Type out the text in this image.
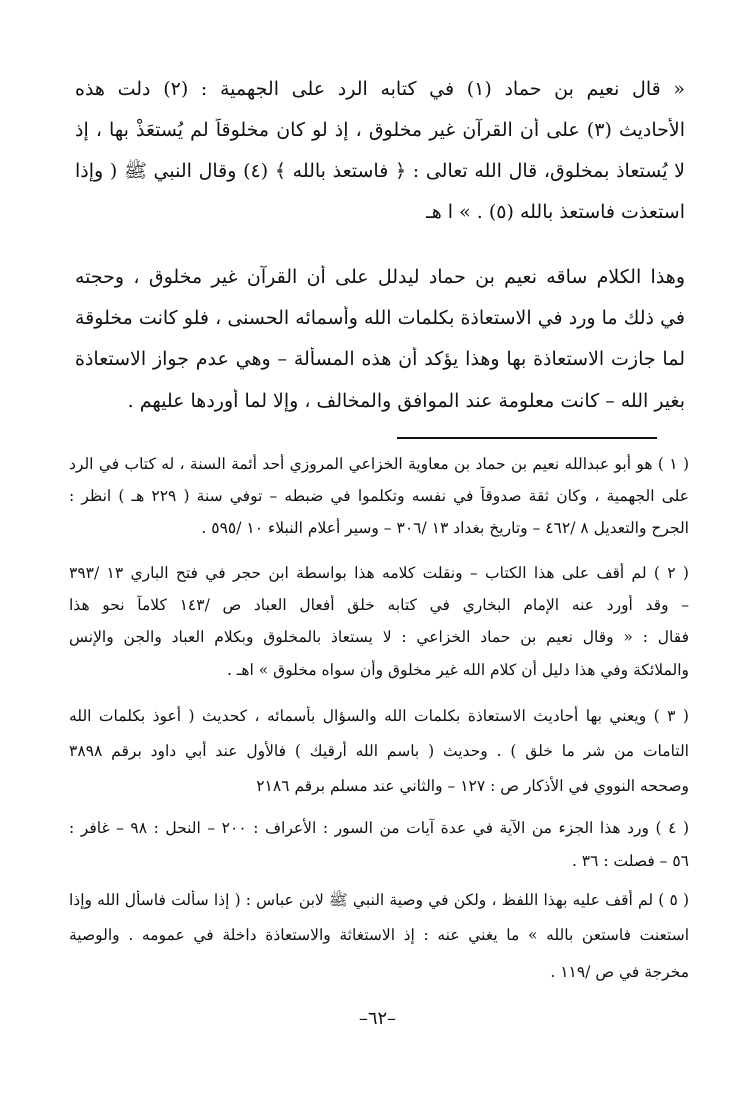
« قال نعيم بن حماد (١) في كتابه الرد على الجهمية : (٢) دلت هذه
الأحاديث (٣) على أن القرآن غير مخلوق ، إذ لو كان مخلوقاً لم يُستعَذْ بها ، إذ
لا يُستعاذ بمخلوق، قال الله تعالى : ﴿ فاستعذ بالله ﴾ (٤) وقال النبي ﷺ ( وإذا
استعذت فاستعذ بالله (٥) . » ا هـ
وهذا الكلام ساقه نعيم بن حماد ليدلل على أن القرآن غير مخلوق ، وحجته
في ذلك ما ورد في الاستعاذة بكلمات الله وأسمائه الحسنى ، فلو كانت مخلوقة
لما جازت الاستعاذة بها وهذا يؤكد أن هذه المسألة – وهي عدم جواز الاستعاذة
بغير الله – كانت معلومة عند الموافق والمخالف ، وإلا لما أوردها عليهم .
( ١ ) هو أبو عبدالله نعيم بن حماد بن معاوية الخزاعي المروزي أحد أئمة السنة ، له كتاب في الرد
على الجهمية ، وكان ثقة صدوقاً في نفسه وتكلموا في ضبطه – توفي سنة ( ٢٢٩ هـ ) انظر :
الجرح والتعديل ٨ /٤٦٢ – وتاريخ بغداد ١٣ /٣٠٦ – وسير أعلام النبلاء ١٠ /٥٩٥ .
( ٢ ) لم أقف على هذا الكتاب – ونقلت كلامه هذا بواسطة ابن حجر في فتح الباري ١٣ /٣٩٣
– وقد أورد عنه الإمام البخاري في كتابه خلق أفعال العباد ص /١٤٣ كلاماً نحو هذا
فقال : « وقال نعيم بن حماد الخزاعي : لا يستعاذ بالمخلوق وبكلام العباد والجن والإنس
والملائكة وفي هذا دليل أن كلام الله غير مخلوق وأن سواه مخلوق » اهـ .
( ٣ ) ويعني بها أحاديث الاستعاذة بكلمات الله والسؤال بأسمائه ، كحديث ( أعوذ بكلمات الله
التامات من شر ما خلق ) . وحديث ( باسم الله أرقيك ) فالأول عند أبي داود برقم ٣٨٩٨
وصححه النووي في الأذكار ص : ١٢٧ – والثاني عند مسلم برقم ٢١٨٦
( ٤ ) ورد هذا الجزء من الآية في عدة آيات من السور : الأعراف : ٢٠٠ – النحل : ٩٨ – غافر :
٥٦ – فصلت : ٣٦ .
( ٥ ) لم أقف عليه بهذا اللفظ ، ولكن في وصية النبي ﷺ لابن عباس : ( إذا سألت فاسأل الله وإذا
استعنت فاستعن بالله » ما يغني عنه : إذ الاستغاثة والاستعاذة داخلة في عمومه . والوصية
مخرجة في ص /١١٩ .
–٦٢–
